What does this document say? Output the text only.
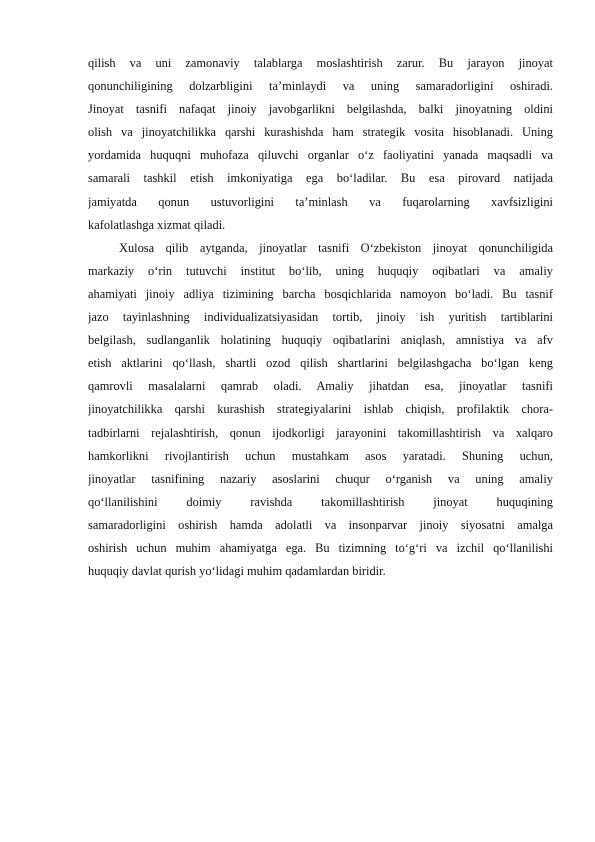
qilish va uni zamonaviy talablarga moslashtirish zarur. Bu jarayon jinoyat
qonunchiligining dolzarbligini taʼminlaydi va uning samaradorligini oshiradi.
Jinoyat tasnifi nafaqat jinoiy javobgarlikni belgilashda, balki jinoyatning oldini
olish va jinoyatchilikka qarshi kurashishda ham strategik vosita hisoblanadi. Uning
yordamida huquqni muhofaza qiluvchi organlar oʻz faoliyatini yanada maqsadli va
samarali tashkil etish imkoniyatiga ega boʻladilar. Bu esa pirovard natijada
jamiyatda qonun ustuvorligini taʼminlash va fuqarolarning xavfsizligini
kafolatlashga xizmat qiladi.
Xulosa qilib aytganda, jinoyatlar tasnifi Oʻzbekiston jinoyat qonunchiligida
markaziy oʻrin tutuvchi institut boʻlib, uning huquqiy oqibatlari va amaliy
ahamiyati jinoiy adliya tizimining barcha bosqichlarida namoyon boʻladi. Bu tasnif
jazo tayinlashning individualizatsiyasidan tortib, jinoiy ish yuritish tartiblarini
belgilash, sudlanganlik holatining huquqiy oqibatlarini aniqlash, amnistiya va afv
etish aktlarini qoʻllash, shartli ozod qilish shartlarini belgilashgacha boʻlgan keng
qamrovli masalalarni qamrab oladi. Amaliy jihatdan esa, jinoyatlar tasnifi
jinoyatchilikka qarshi kurashish strategiyalarini ishlab chiqish, profilaktik chora-
tadbirlarni rejalashtirish, qonun ijodkorligi jarayonini takomillashtirish va xalqaro
hamkorlikni rivojlantirish uchun mustahkam asos yaratadi. Shuning uchun,
jinoyatlar tasnifining nazariy asoslarini chuqur oʻrganish va uning amaliy
qoʻllanilishini doimiy ravishda takomillashtirish jinoyat huquqining
samaradorligini oshirish hamda adolatli va insonparvar jinoiy siyosatni amalga
oshirish uchun muhim ahamiyatga ega. Bu tizimning toʻgʻri va izchil qoʻllanilishi
huquqiy davlat qurish yoʻlidagi muhim qadamlardan biridir.
